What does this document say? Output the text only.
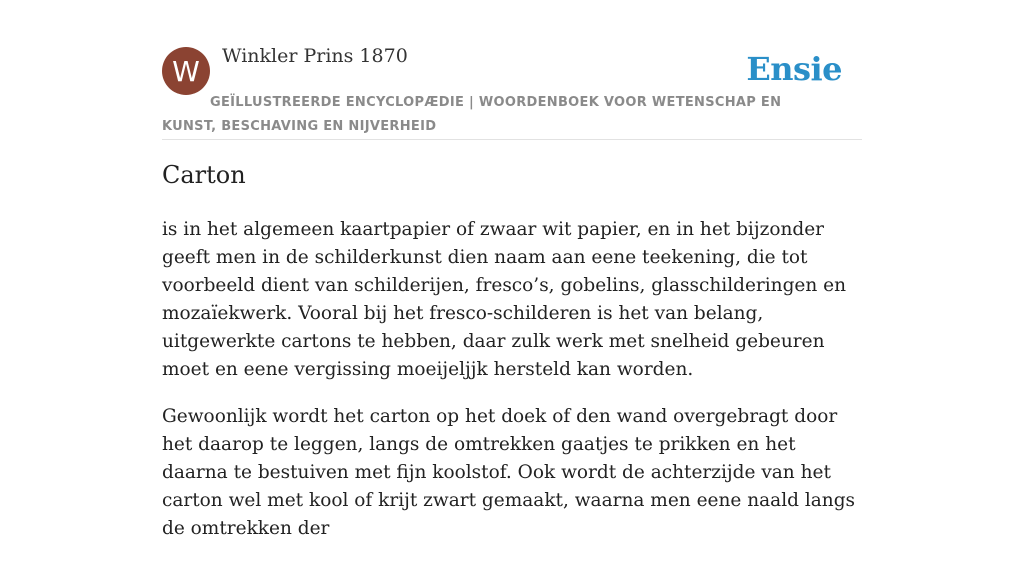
W Winkler Prins 1870	Ensie
GEÏLLUSTREERDE ENCYCLOPÆDIE | WOORDENBOEK VOOR WETENSCHAP EN KUNST, BESCHAVING EN NIJVERHEID
Carton

is in het algemeen kaartpapier of zwaar wit papier, en in het bijzonder geeft men in de schilderkunst dien naam aan eene teekening, die tot voorbeeld dient van schilderijen, fresco’s, gobelins, glasschilderingen en mozaïekwerk. Vooral bij het fresco-schilderen is het van belang, uitgewerkte cartons te hebben, daar zulk werk met snelheid gebeuren moet en eene vergissing moeijeljjk hersteld kan worden.

Gewoonlijk wordt het carton op het doek of den wand overgebragt door het daarop te leggen, langs de omtrekken gaatjes te prikken en het daarna te bestuiven met fijn koolstof. Ook wordt de achterzijde van het carton wel met kool of krijt zwart gemaakt, waarna men eene naald langs de omtrekken der
